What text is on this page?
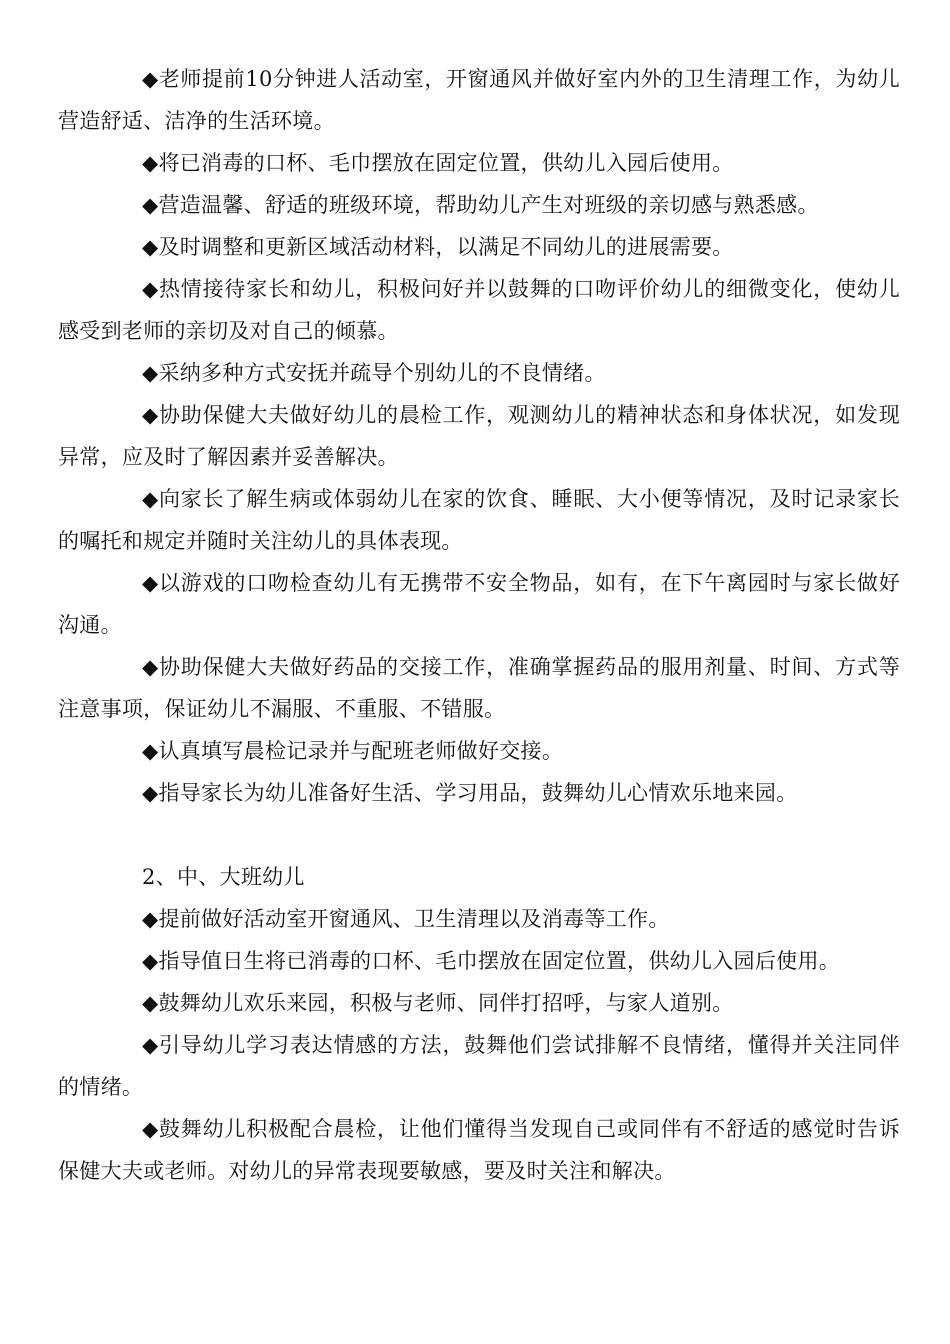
◆老师提前10分钟进人活动室，开窗通风并做好室内外的卫生清理工作，为幼儿营造舒适、洁净的生活环境。

◆将已消毒的口杯、毛巾摆放在固定位置，供幼儿入园后使用。

◆营造温馨、舒适的班级环境，帮助幼儿产生对班级的亲切感与熟悉感。

◆及时调整和更新区域活动材料，以满足不同幼儿的进展需要。

◆热情接待家长和幼儿，积极问好并以鼓舞的口吻评价幼儿的细微变化，使幼儿感受到老师的亲切及对自己的倾慕。

◆采纳多种方式安抚并疏导个别幼儿的不良情绪。

◆协助保健大夫做好幼儿的晨检工作，观测幼儿的精神状态和身体状况，如发现异常，应及时了解因素并妥善解决。

◆向家长了解生病或体弱幼儿在家的饮食、睡眠、大小便等情况，及时记录家长的嘱托和规定并随时关注幼儿的具体表现。

◆以游戏的口吻检查幼儿有无携带不安全物品，如有，在下午离园时与家长做好沟通。

◆协助保健大夫做好药品的交接工作，准确掌握药品的服用剂量、时间、方式等注意事项，保证幼儿不漏服、不重服、不错服。

◆认真填写晨检记录并与配班老师做好交接。

◆指导家长为幼儿准备好生活、学习用品，鼓舞幼儿心情欢乐地来园。

2、中、大班幼儿

◆提前做好活动室开窗通风、卫生清理以及消毒等工作。

◆指导值日生将已消毒的口杯、毛巾摆放在固定位置，供幼儿入园后使用。

◆鼓舞幼儿欢乐来园，积极与老师、同伴打招呼，与家人道别。

◆引导幼儿学习表达情感的方法，鼓舞他们尝试排解不良情绪，懂得并关注同伴的情绪。

◆鼓舞幼儿积极配合晨检，让他们懂得当发现自己或同伴有不舒适的感觉时告诉保健大夫或老师。对幼儿的异常表现要敏感，要及时关注和解决。
